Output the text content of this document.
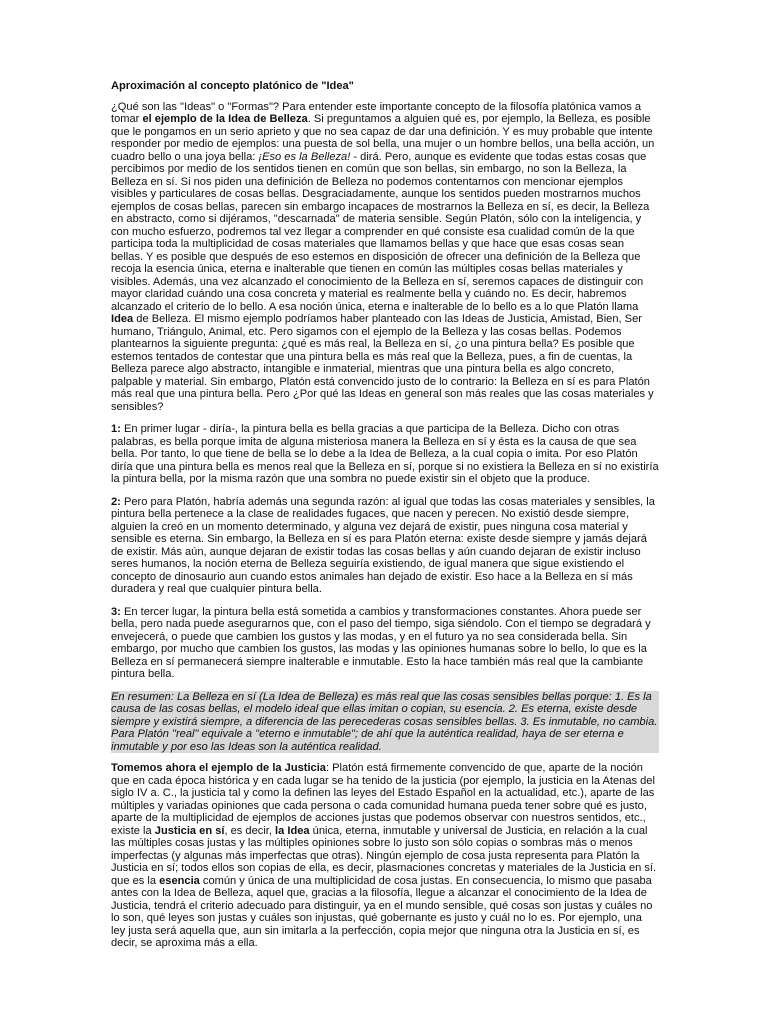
Aproximación al concepto platónico de "Idea"

¿Qué son las "Ideas" o "Formas"? Para entender este importante concepto de la filosofía platónica vamos a tomar el ejemplo de la Idea de Belleza. Si preguntamos a alguien qué es, por ejemplo, la Belleza, es posible que le pongamos en un serio aprieto y que no sea capaz de dar una definición. Y es muy probable que intente responder por medio de ejemplos: una puesta de sol bella, una mujer o un hombre bellos, una bella acción, un cuadro bello o una joya bella: ¡Eso es la Belleza! - dirá. Pero, aunque es evidente que todas estas cosas que percibimos por medio de los sentidos tienen en común que son bellas, sin embargo, no son la Belleza, la Belleza en sí. Si nos piden una definición de Belleza no podemos contentarnos con mencionar ejemplos visibles y particulares de cosas bellas. Desgraciadamente, aunque los sentidos pueden mostrarnos muchos ejemplos de cosas bellas, parecen sin embargo incapaces de mostrarnos la Belleza en sí, es decir, la Belleza en abstracto, como si dijéramos, "descarnada" de materia sensible. Según Platón, sólo con la inteligencia, y con mucho esfuerzo, podremos tal vez llegar a comprender en qué consiste esa cualidad común de la que participa toda la multiplicidad de cosas materiales que llamamos bellas y que hace que esas cosas sean bellas. Y es posible que después de eso estemos en disposición de ofrecer una definición de la Belleza que recoja la esencia única, eterna e inalterable que tienen en común las múltiples cosas bellas materiales y visibles. Además, una vez alcanzado el conocimiento de la Belleza en sí, seremos capaces de distinguir con mayor claridad cuándo una cosa concreta y material es realmente bella y cuándo no. Es decir, habremos alcanzado el criterio de lo bello. A esa noción única, eterna e inalterable de lo bello es a lo que Platón llama Idea de Belleza. El mismo ejemplo podríamos haber planteado con las Ideas de Justicia, Amistad, Bien, Ser humano, Triángulo, Animal, etc. Pero sigamos con el ejemplo de la Belleza y las cosas bellas. Podemos plantearnos la siguiente pregunta: ¿qué es más real, la Belleza en sí, ¿o una pintura bella? Es posible que estemos tentados de contestar que una pintura bella es más real que la Belleza, pues, a fin de cuentas, la Belleza parece algo abstracto, intangible e inmaterial, mientras que una pintura bella es algo concreto, palpable y material. Sin embargo, Platón está convencido justo de lo contrario: la Belleza en sí es para Platón más real que una pintura bella. Pero ¿Por qué las Ideas en general son más reales que las cosas materiales y sensibles?

1: En primer lugar - diría-, la pintura bella es bella gracias a que participa de la Belleza. Dicho con otras palabras, es bella porque imita de alguna misteriosa manera la Belleza en sí y ésta es la causa de que sea bella. Por tanto, lo que tiene de bella se lo debe a la Idea de Belleza, a la cual copia o imita. Por eso Platón diría que una pintura bella es menos real que la Belleza en sí, porque si no existiera la Belleza en sí no existiría la pintura bella, por la misma razón que una sombra no puede existir sin el objeto que la produce.

2: Pero para Platón, habría además una segunda razón: al igual que todas las cosas materiales y sensibles, la pintura bella pertenece a la clase de realidades fugaces, que nacen y perecen. No existió desde siempre, alguien la creó en un momento determinado, y alguna vez dejará de existir, pues ninguna cosa material y sensible es eterna. Sin embargo, la Belleza en sí es para Platón eterna: existe desde siempre y jamás dejará de existir. Más aún, aunque dejaran de existir todas las cosas bellas y aún cuando dejaran de existir incluso seres humanos, la noción eterna de Belleza seguiría existiendo, de igual manera que sigue existiendo el concepto de dinosaurio aun cuando estos animales han dejado de existir. Eso hace a la Belleza en sí más duradera y real que cualquier pintura bella.

3: En tercer lugar, la pintura bella está sometida a cambios y transformaciones constantes. Ahora puede ser bella, pero nada puede asegurarnos que, con el paso del tiempo, siga siéndolo. Con el tiempo se degradará y envejecerá, o puede que cambien los gustos y las modas, y en el futuro ya no sea considerada bella. Sin embargo, por mucho que cambien los gustos, las modas y las opiniones humanas sobre lo bello, lo que es la Belleza en sí permanecerá siempre inalterable e inmutable. Esto la hace también más real que la cambiante pintura bella.

En resumen: La Belleza en sí (La Idea de Belleza) es más real que las cosas sensibles bellas porque: 1. Es la causa de las cosas bellas, el modelo ideal que ellas imitan o copian, su esencia. 2. Es eterna, existe desde siempre y existirá siempre, a diferencia de las perecederas cosas sensibles bellas. 3. Es inmutable, no cambia. Para Platón "real" equivale a "eterno e inmutable"; de ahí que la auténtica realidad, haya de ser eterna e inmutable y por eso las Ideas son la auténtica realidad.

Tomemos ahora el ejemplo de la Justicia: Platón está firmemente convencido de que, aparte de la noción que en cada época histórica y en cada lugar se ha tenido de la justicia (por ejemplo, la justicia en la Atenas del siglo IV a. C., la justicia tal y como la definen las leyes del Estado Español en la actualidad, etc.), aparte de las múltiples y variadas opiniones que cada persona o cada comunidad humana pueda tener sobre qué es justo, aparte de la multiplicidad de ejemplos de acciones justas que podemos observar con nuestros sentidos, etc., existe la Justicia en sí, es decir, la Idea única, eterna, inmutable y universal de Justicia, en relación a la cual las múltiples cosas justas y las múltiples opiniones sobre lo justo son sólo copias o sombras más o menos imperfectas (y algunas más imperfectas que otras). Ningún ejemplo de cosa justa representa para Platón la Justicia en sí; todos ellos son copias de ella, es decir, plasmaciones concretas y materiales de la Justicia en sí. que es la esencia común y única de una multiplicidad de cosa justas. En consecuencia, lo mismo que pasaba antes con la Idea de Belleza, aquel que, gracias a la filosofía, llegue a alcanzar el conocimiento de la Idea de Justicia, tendrá el criterio adecuado para distinguir, ya en el mundo sensible, qué cosas son justas y cuáles no lo son, qué leyes son justas y cuáles son injustas, qué gobernante es justo y cuál no lo es. Por ejemplo, una ley justa será aquella que, aun sin imitarla a la perfección, copia mejor que ninguna otra la Justicia en sí, es decir, se aproxima más a ella.
